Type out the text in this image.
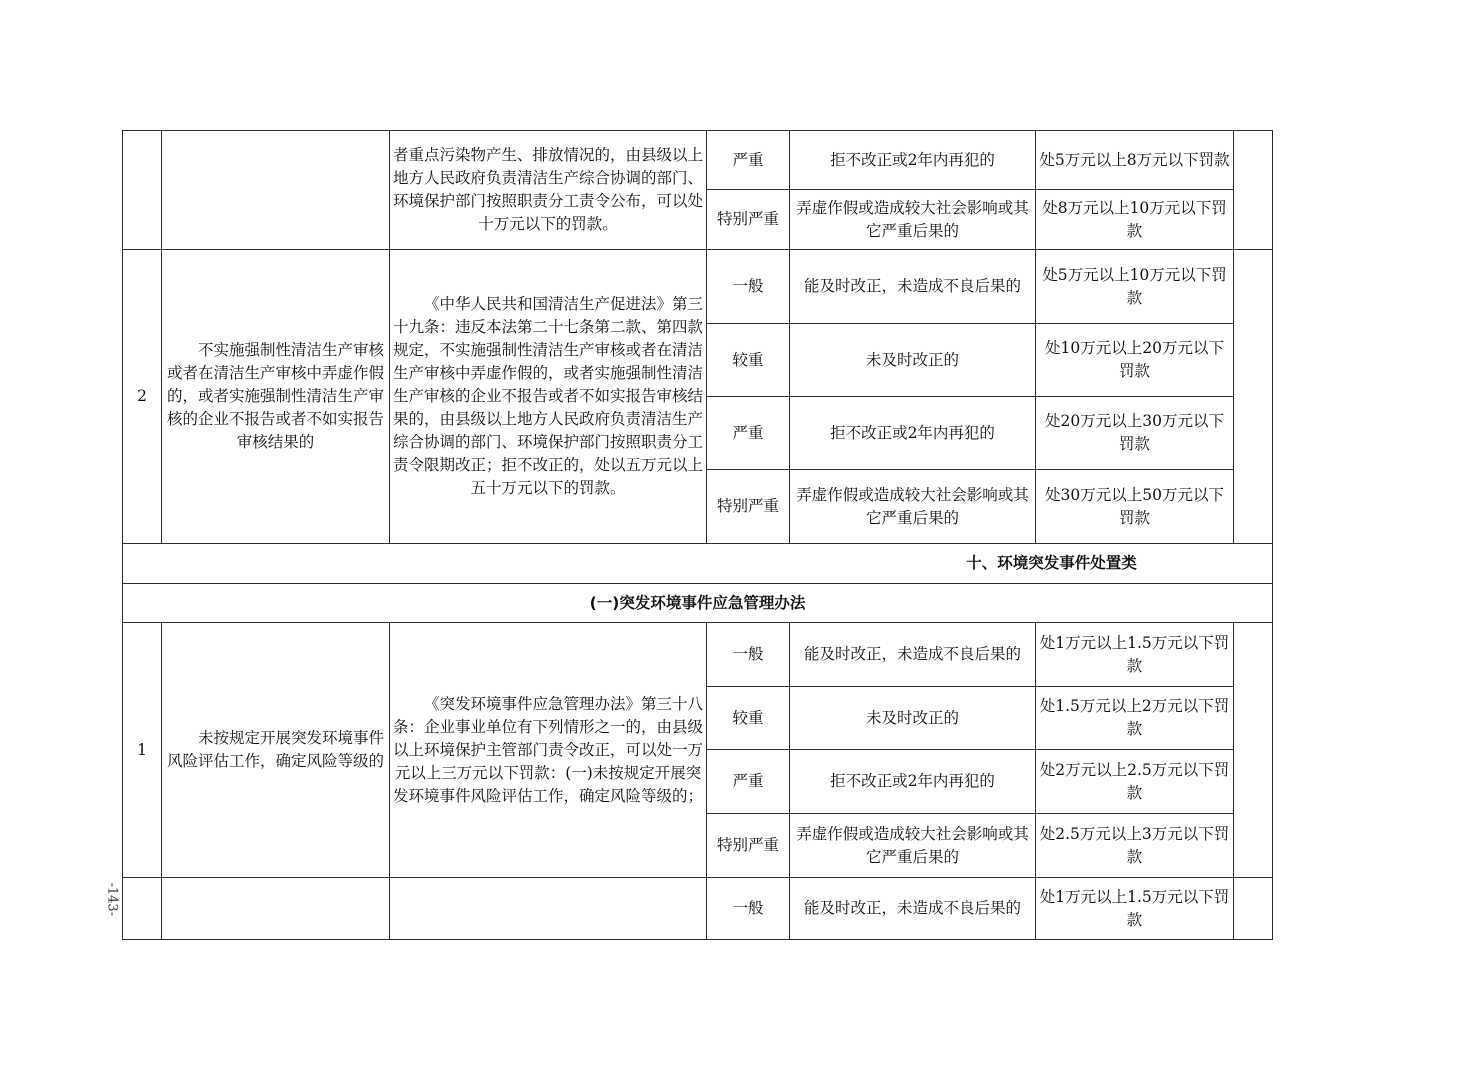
		者重点污染物产生、排放情况的，由县级以上地方人民政府负责清洁生产综合协调的部门、环境保护部门按照职责分工责令公布，可以处十万元以下的罚款。	严重	拒不改正或2年内再犯的	处5万元以上8万元以下罚款	
			特别严重	弄虚作假或造成较大社会影响或其它严重后果的	处8万元以上10万元以下罚款	
2	不实施强制性清洁生产审核或者在清洁生产审核中弄虚作假的，或者实施强制性清洁生产审核的企业不报告或者不如实报告审核结果的	《中华人民共和国清洁生产促进法》第三十九条：违反本法第二十七条第二款、第四款规定，不实施强制性清洁生产审核或者在清洁生产审核中弄虚作假的，或者实施强制性清洁生产审核的企业不报告或者不如实报告审核结果的，由县级以上地方人民政府负责清洁生产综合协调的部门、环境保护部门按照职责分工责令限期改正；拒不改正的，处以五万元以上五十万元以下的罚款。	一般	能及时改正，未造成不良后果的	处5万元以上10万元以下罚款	
			较重	未及时改正的	处10万元以上20万元以下罚款	
			严重	拒不改正或2年内再犯的	处20万元以上30万元以下罚款	
			特别严重	弄虚作假或造成较大社会影响或其它严重后果的	处30万元以上50万元以下罚款	
十、环境突发事件处置类						
(一)突发环境事件应急管理办法						
1	未按规定开展突发环境事件风险评估工作，确定风险等级的	《突发环境事件应急管理办法》第三十八条：企业事业单位有下列情形之一的，由县级以上环境保护主管部门责令改正，可以处一万元以上三万元以下罚款：(一)未按规定开展突发环境事件风险评估工作，确定风险等级的；	一般	能及时改正，未造成不良后果的	处1万元以上1.5万元以下罚款	
			较重	未及时改正的	处1.5万元以上2万元以下罚款	
			严重	拒不改正或2年内再犯的	处2万元以上2.5万元以下罚款	
			特别严重	弄虚作假或造成较大社会影响或其它严重后果的	处2.5万元以上3万元以下罚款	
			一般	能及时改正，未造成不良后果的	处1万元以上1.5万元以下罚款	
-143-
